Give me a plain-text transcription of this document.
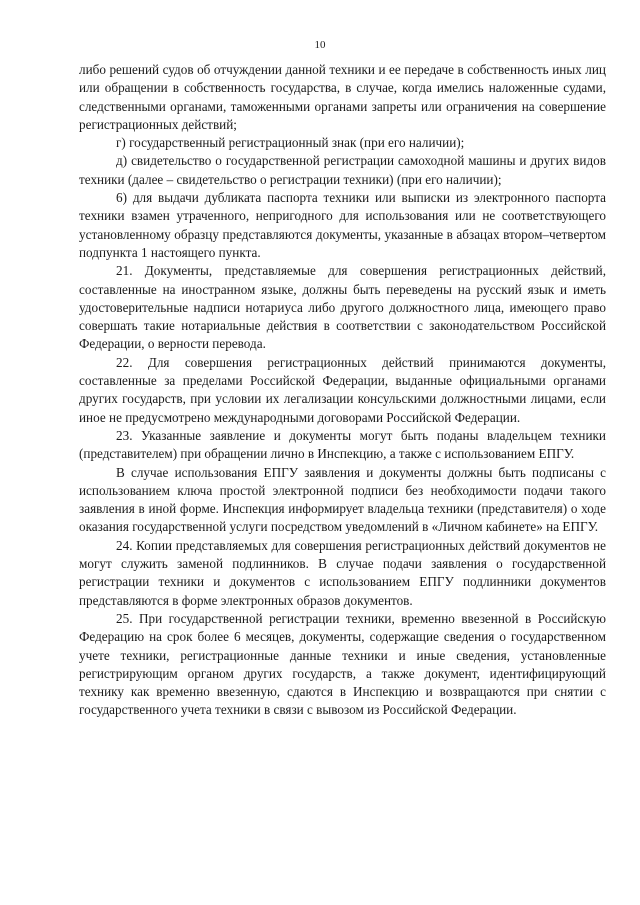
10

либо решений судов об отчуждении данной техники и ее передаче в собственность иных лиц или обращении в собственность государства, в случае, когда имелись наложенные судами, следственными органами, таможенными органами запреты или ограничения на совершение регистрационных действий;

г) государственный регистрационный знак (при его наличии);

д) свидетельство о государственной регистрации самоходной машины и других видов техники (далее – свидетельство о регистрации техники) (при его наличии);

6) для выдачи дубликата паспорта техники или выписки из электронного паспорта техники взамен утраченного, непригодного для использования или не соответствующего установленному образцу представляются документы, указанные в абзацах втором–четвертом подпункта 1 настоящего пункта.

21. Документы, представляемые для совершения регистрационных действий, составленные на иностранном языке, должны быть переведены на русский язык и иметь удостоверительные надписи нотариуса либо другого должностного лица, имеющего право совершать такие нотариальные действия в соответствии с законодательством Российской Федерации, о верности перевода.

22. Для совершения регистрационных действий принимаются документы, составленные за пределами Российской Федерации, выданные официальными органами других государств, при условии их легализации консульскими должностными лицами, если иное не предусмотрено международными договорами Российской Федерации.

23. Указанные заявление и документы могут быть поданы владельцем техники (представителем) при обращении лично в Инспекцию, а также с использованием ЕПГУ.

В случае использования ЕПГУ заявления и документы должны быть подписаны с использованием ключа простой электронной подписи без необходимости подачи такого заявления в иной форме. Инспекция информирует владельца техники (представителя) о ходе оказания государственной услуги посредством уведомлений в «Личном кабинете» на ЕПГУ.

24. Копии представляемых для совершения регистрационных действий документов не могут служить заменой подлинников. В случае подачи заявления о государственной регистрации техники и документов с использованием ЕПГУ подлинники документов представляются в форме электронных образов документов.

25. При государственной регистрации техники, временно ввезенной в Российскую Федерацию на срок более 6 месяцев, документы, содержащие сведения о государственном учете техники, регистрационные данные техники и иные сведения, установленные регистрирующим органом других государств, а также документ, идентифицирующий технику как временно ввезенную, сдаются в Инспекцию и возвращаются при снятии с государственного учета техники в связи с вывозом из Российской Федерации.
